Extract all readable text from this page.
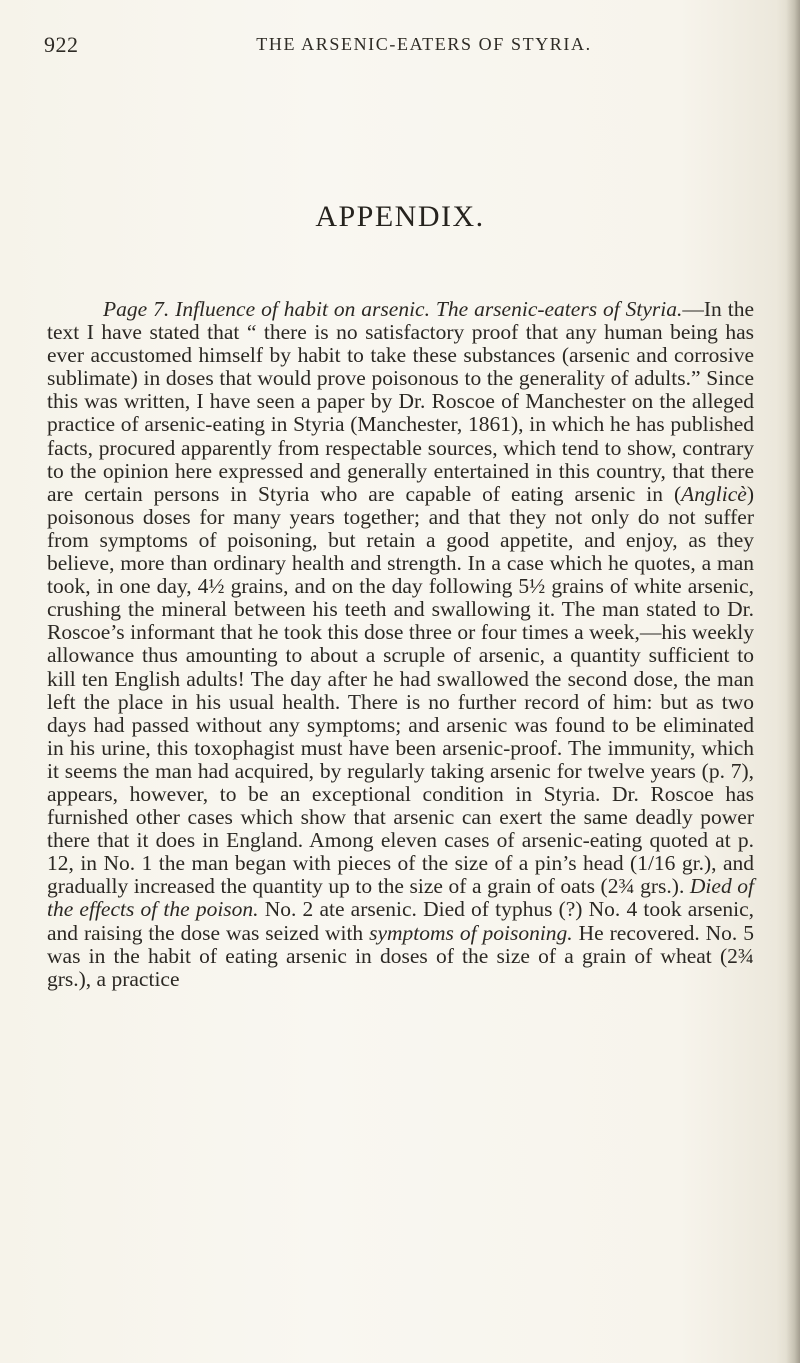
922	THE ARSENIC-EATERS OF STYRIA.
APPENDIX.

Page 7. Influence of habit on arsenic. The arsenic-eaters of Styria.—In the text I have stated that “ there is no satisfactory proof that any human being has ever accustomed himself by habit to take these substances (arsenic and corrosive sublimate) in doses that would prove poisonous to the generality of adults.” Since this was written, I have seen a paper by Dr. Roscoe of Manchester on the alleged practice of arsenic-eating in Styria (Manchester, 1861), in which he has published facts, procured apparently from respectable sources, which tend to show, contrary to the opinion here expressed and generally entertained in this country, that there are certain persons in Styria who are capable of eating arsenic in (Anglicè) poisonous doses for many years together; and that they not only do not suffer from symptoms of poisoning, but retain a good appetite, and enjoy, as they believe, more than ordinary health and strength. In a case which he quotes, a man took, in one day, 4½ grains, and on the day following 5½ grains of white arsenic, crushing the mineral between his teeth and swallowing it. The man stated to Dr. Roscoe’s informant that he took this dose three or four times a week,—his weekly allowance thus amounting to about a scruple of arsenic, a quantity sufficient to kill ten English adults! The day after he had swallowed the second dose, the man left the place in his usual health. There is no further record of him: but as two days had passed without any symptoms; and arsenic was found to be eliminated in his urine, this toxophagist must have been arsenic-proof. The immunity, which it seems the man had acquired, by regularly taking arsenic for twelve years (p. 7), appears, however, to be an exceptional condition in Styria. Dr. Roscoe has furnished other cases which show that arsenic can exert the same deadly power there that it does in England. Among eleven cases of arsenic-eating quoted at p. 12, in No. 1 the man began with pieces of the size of a pin’s head (1/16 gr.), and gradually increased the quantity up to the size of a grain of oats (2¾ grs.). Died of the effects of the poison. No. 2 ate arsenic. Died of typhus (?) No. 4 took arsenic, and raising the dose was seized with symptoms of poisoning. He recovered. No. 5 was in the habit of eating arsenic in doses of the size of a grain of wheat (2¾ grs.), a practice
